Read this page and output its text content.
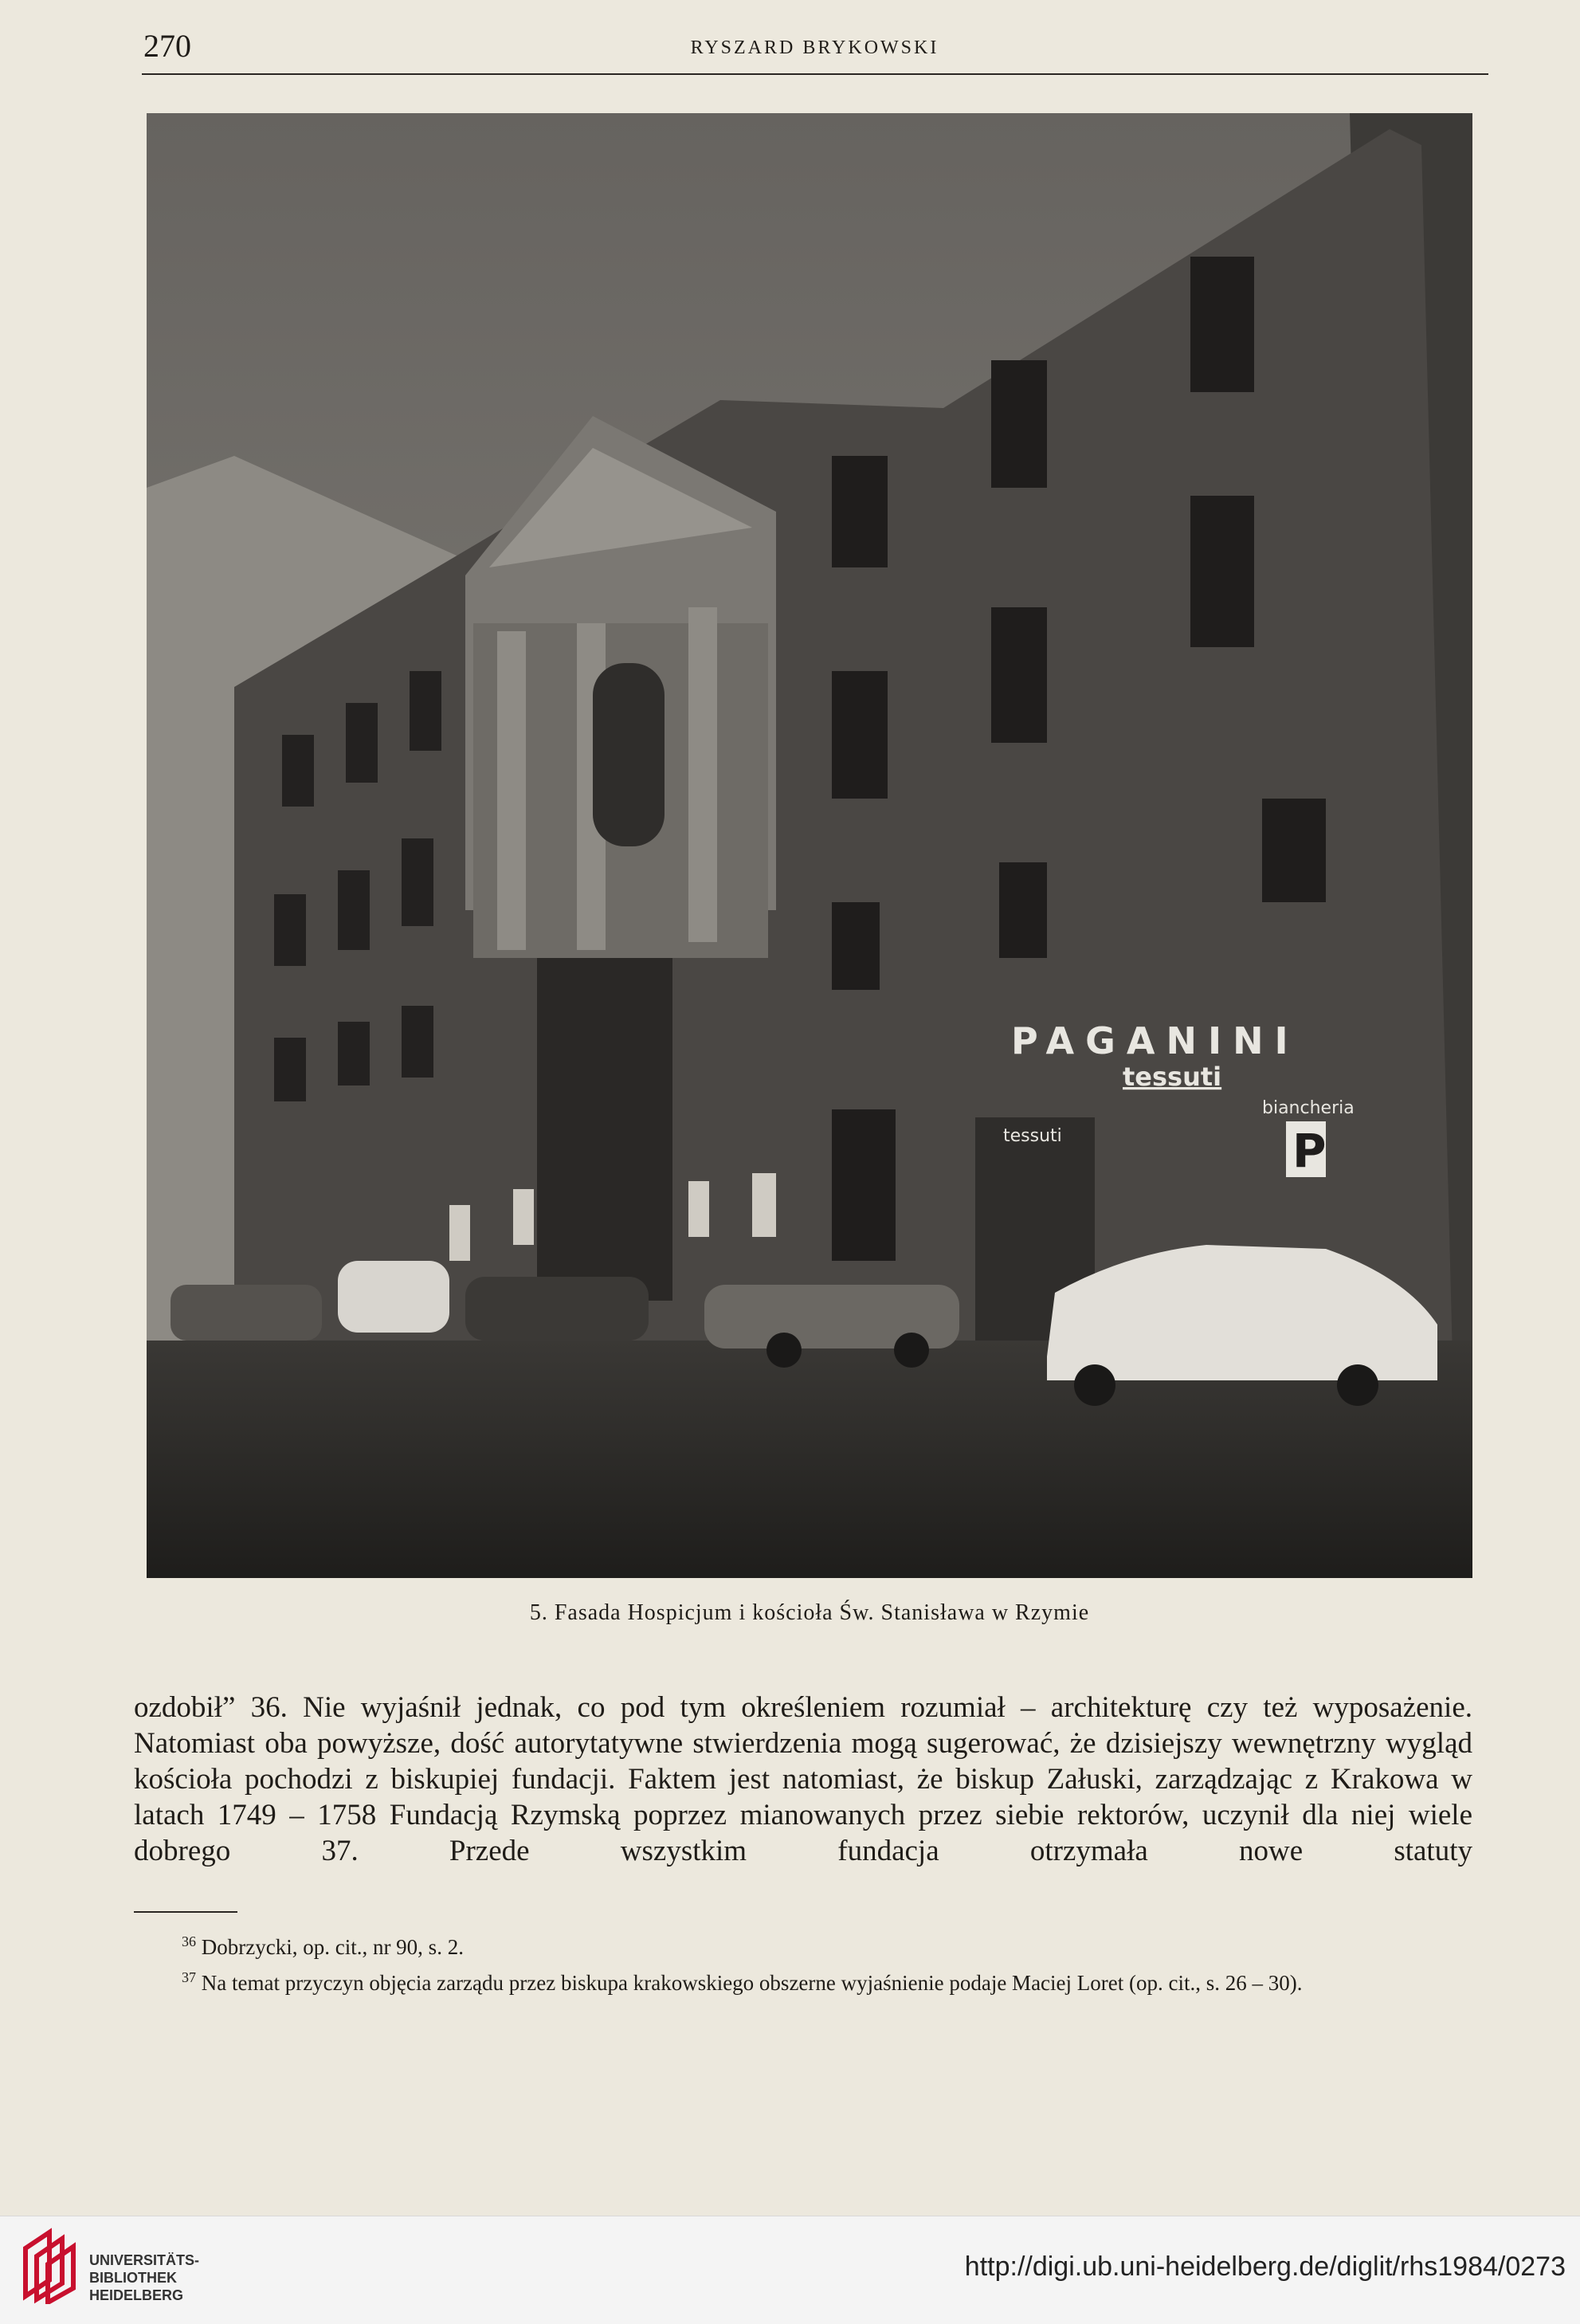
270	RYSZARD BRYKOWSKI
PAGANINI
tessuti
tessuti
biancheria
P
5. Fasada Hospicjum i kościoła Św. Stanisława w Rzymie
ozdobił” 36. Nie wyjaśnił jednak, co pod tym określeniem rozumiał – architekturę czy też wyposażenie. Natomiast oba powyższe, dość autorytatywne stwierdzenia mogą sugerować, że dzisiejszy wewnętrzny wygląd kościoła pochodzi z biskupiej fundacji. Faktem jest natomiast, że biskup Załuski, zarządzając z Krakowa w latach 1749 – 1758 Fundacją Rzymską poprzez mianowanych przez siebie rektorów, uczynił dla niej wiele dobrego 37. Przede wszystkim fundacja otrzymała nowe statuty

$^{36}$ Dobrzycki, op. cit., nr 90, s. 2.

$^{37}$ Na temat przyczyn objęcia zarządu przez biskupa krakowskiego obszerne wyjaśnienie podaje Maciej Loret (op. cit., s. 26 – 30).

UNIVERSITÄTS-
BIBLIOTHEK
HEIDELBERG
http://digi.ub.uni-heidelberg.de/diglit/rhs1984/0273
